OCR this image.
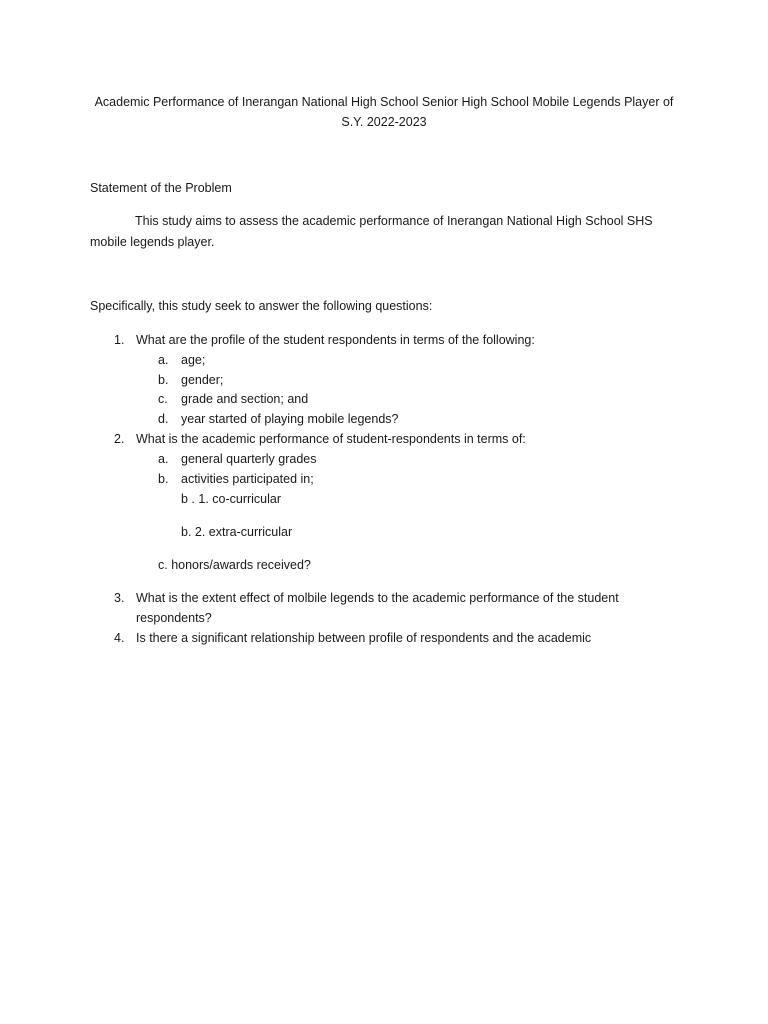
Academic Performance of Inerangan National High School Senior High School Mobile Legends Player of
S.Y. 2022-2023
Statement of the Problem
This study aims to assess the academic performance of Inerangan National High School SHS
mobile legends player.
Specifically, this study seek to answer the following questions:
1. What are the profile of the student respondents in terms of the following:
a. age;
b. gender;
c. grade and section; and
d. year started of playing mobile legends?
2. What is the academic performance of student-respondents in terms of:
a. general quarterly grades
b. activities participated in;
b . 1. co-curricular
b. 2. extra-curricular
c. honors/awards received?
3. What is the extent effect of molbile legends to the academic performance of the student
respondents?
4. Is there a significant relationship between profile of respondents and the academic
